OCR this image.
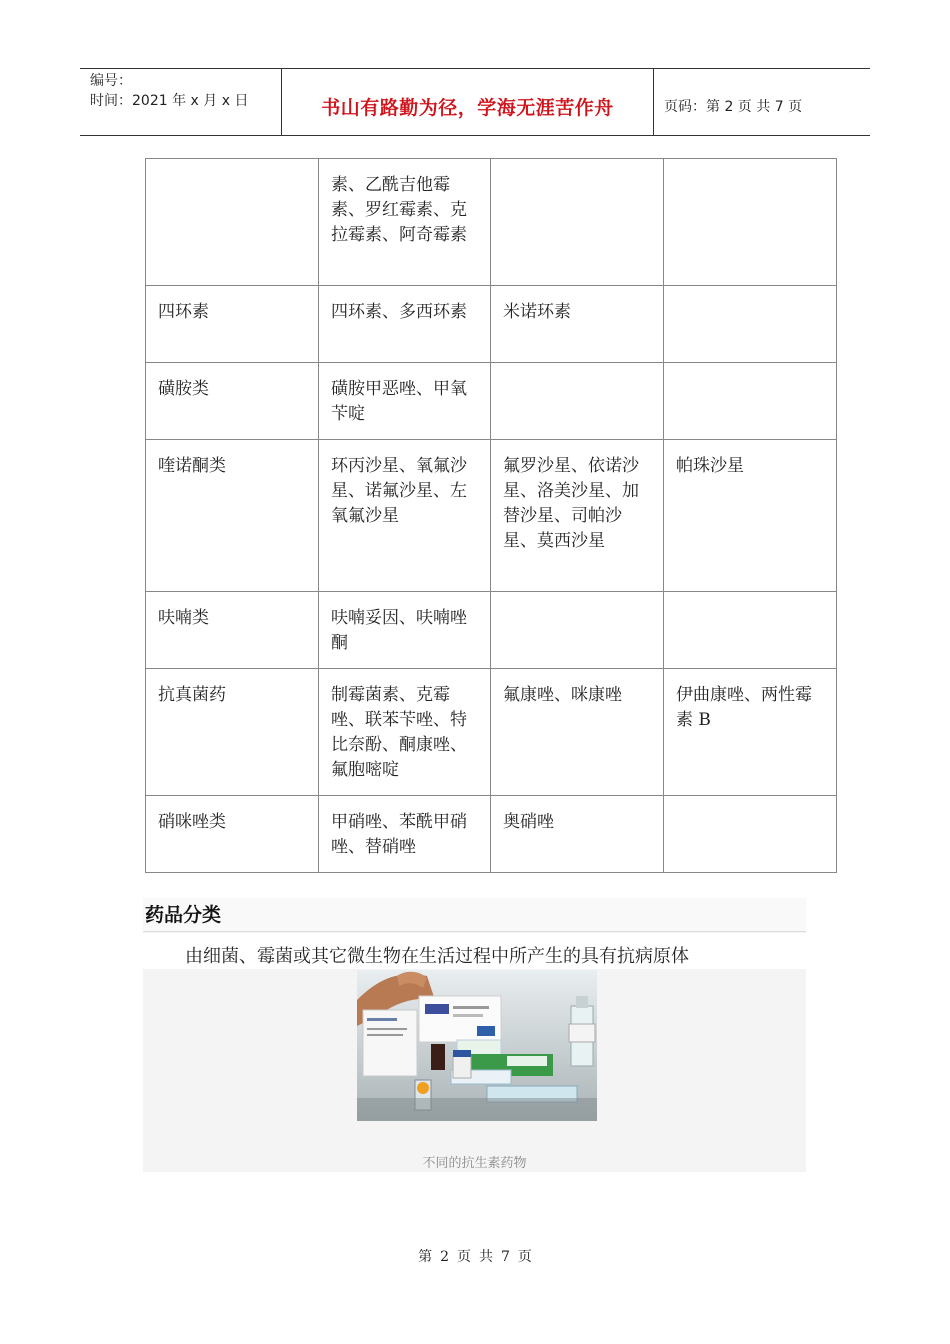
编号：
时间：2021 年 x 月 x 日	书山有路勤为径，学海无涯苦作舟	页码：第 2 页 共 7 页
	素、乙酰吉他霉素、罗红霉素、克拉霉素、阿奇霉素		
四环素	四环素、多西环素	米诺环素	
磺胺类	磺胺甲恶唑、甲氧苄啶		
喹诺酮类	环丙沙星、氧氟沙星、诺氟沙星、左氧氟沙星	氟罗沙星、依诺沙星、洛美沙星、加替沙星、司帕沙星、莫西沙星	帕珠沙星
呋喃类	呋喃妥因、呋喃唑酮		
抗真菌药	制霉菌素、克霉唑、联苯苄唑、特比奈酚、酮康唑、氟胞嘧啶	氟康唑、咪康唑	伊曲康唑、两性霉素 B
硝咪唑类	甲硝唑、苯酰甲硝唑、替硝唑	奥硝唑	
药品分类
由细菌、霉菌或其它微生物在生活过程中所产生的具有抗病原体
不同的抗生素药物
第 2 页 共 7 页
